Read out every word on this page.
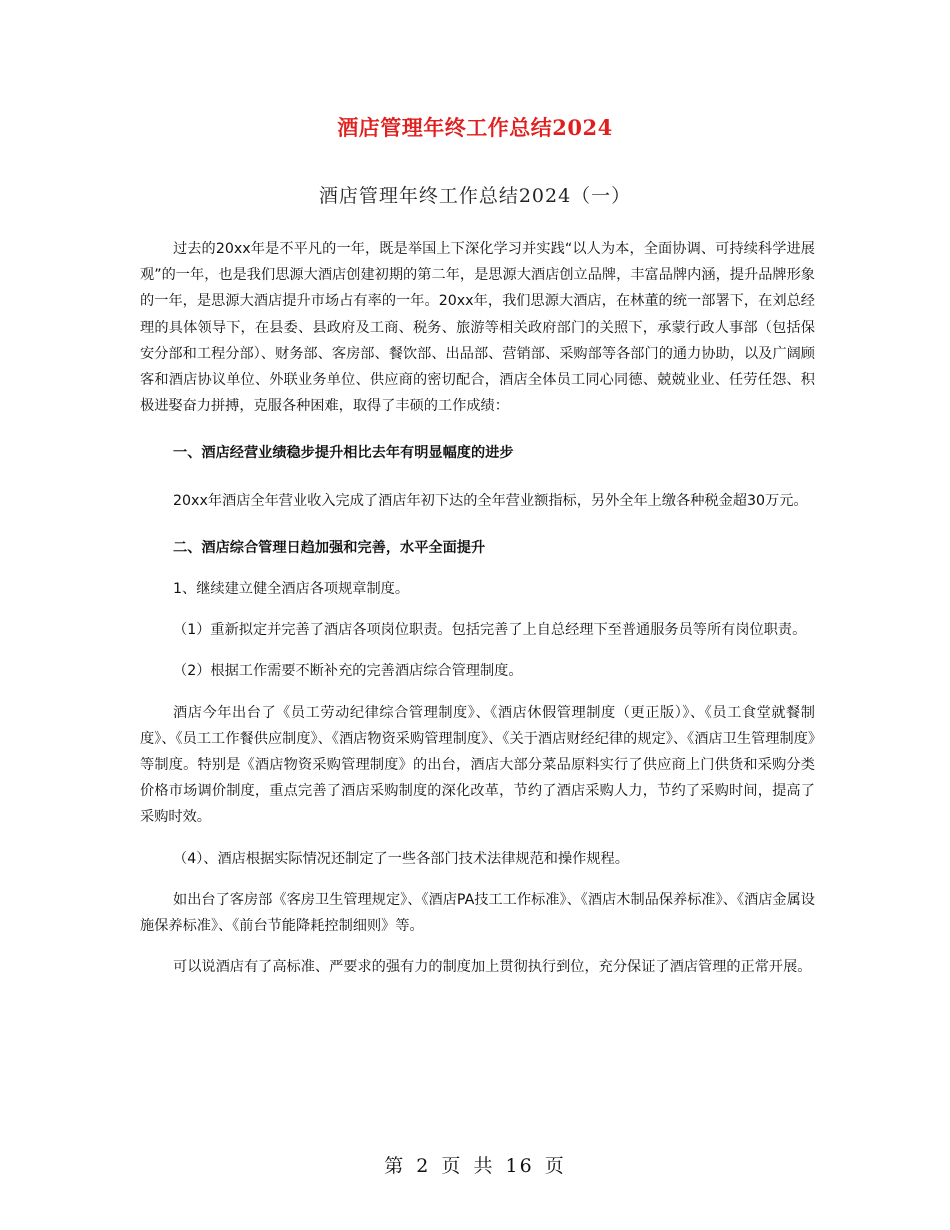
酒店管理年终工作总结2024
酒店管理年终工作总结2024（一）

过去的20xx年是不平凡的一年，既是举国上下深化学习并实践“以人为本，全面协调、可持续科学进展观”的一年，也是我们思源大酒店创建初期的第二年，是思源大酒店创立品牌，丰富品牌内涵，提升品牌形象的一年，是思源大酒店提升市场占有率的一年。20xx年，我们思源大酒店，在林董的统一部署下，在刘总经理的具体领导下，在县委、县政府及工商、税务、旅游等相关政府部门的关照下，承蒙行政人事部（包括保安分部和工程分部）、财务部、客房部、餐饮部、出品部、营销部、采购部等各部门的通力协助，以及广阔顾客和酒店协议单位、外联业务单位、供应商的密切配合，酒店全体员工同心同德、兢兢业业、任劳任怨、积极进娶奋力拼搏，克服各种困难，取得了丰硕的工作成绩：

一、酒店经营业绩稳步提升相比去年有明显幅度的进步

20xx年酒店全年营业收入完成了酒店年初下达的全年营业额指标，另外全年上缴各种税金超30万元。

二、酒店综合管理日趋加强和完善，水平全面提升

1、继续建立健全酒店各项规章制度。

（1）重新拟定并完善了酒店各项岗位职责。包括完善了上自总经理下至普通服务员等所有岗位职责。

（2）根据工作需要不断补充的完善酒店综合管理制度。

酒店今年出台了《员工劳动纪律综合管理制度》、《酒店休假管理制度（更正版）》、《员工食堂就餐制度》、《员工工作餐供应制度》、《酒店物资采购管理制度》、《关于酒店财经纪律的规定》、《酒店卫生管理制度》等制度。特别是《酒店物资采购管理制度》的出台，酒店大部分菜品原料实行了供应商上门供货和采购分类价格市场调价制度，重点完善了酒店采购制度的深化改革，节约了酒店采购人力，节约了采购时间，提高了采购时效。

（4）、酒店根据实际情况还制定了一些各部门技术法律规范和操作规程。

如出台了客房部《客房卫生管理规定》、《酒店PA技工工作标准》、《酒店木制品保养标准》、《酒店金属设施保养标准》、《前台节能降耗控制细则》等。

可以说酒店有了高标准、严要求的强有力的制度加上贯彻执行到位，充分保证了酒店管理的正常开展。

第 2 页 共 16 页
